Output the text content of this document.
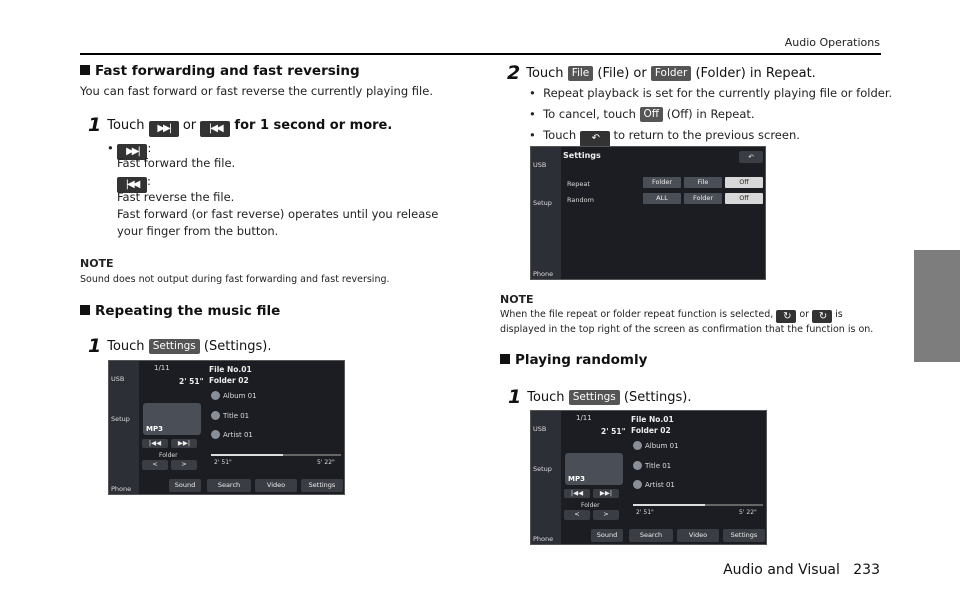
Audio Operations
Fast forwarding and fast reversing
You can fast forward or fast reverse the currently playing file.
1 Touch ▶▶| or |◀◀ for 1 second or more.
• ▶▶| :
Fast forward the file.
|◀◀ :
Fast reverse the file.
Fast forward (or fast reverse) operates until you release your finger from the button.
NOTE
Sound does not output during fast forwarding and fast reversing.
Repeating the music file
1 Touch Settings (Settings).
USB
Setup
Phone
1/11
2' 51"
File No.01
Folder 02
MP3
Album 01
Title 01
Artist 01
|◀◀	▶▶|
Folder
<	>	2' 51"	5' 22"
Sound	Search	Video	Settings
2 Touch File (File) or Folder (Folder) in Repeat.
•  Repeat playback is set for the currently playing file or folder.
•  To cancel, touch Off (Off) in Repeat.
•  Touch ↶ to return to the previous screen.
USB
Setup
Phone
Settings	↶
Repeat	Folder	File	Off
Random	ALL	Folder	Off
NOTE
When the file repeat or folder repeat function is selected, ↻ or ↻ is
displayed in the top right of the screen as confirmation that the function is on.
Playing randomly
1 Touch Settings (Settings).
USB
Setup
Phone
1/11
2' 51"
File No.01
Folder 02
MP3
Album 01
Title 01
Artist 01
|◀◀	▶▶|
Folder
<	>	2' 51"	5' 22"
Sound	Search	Video	Settings
Audio and Visual 233
